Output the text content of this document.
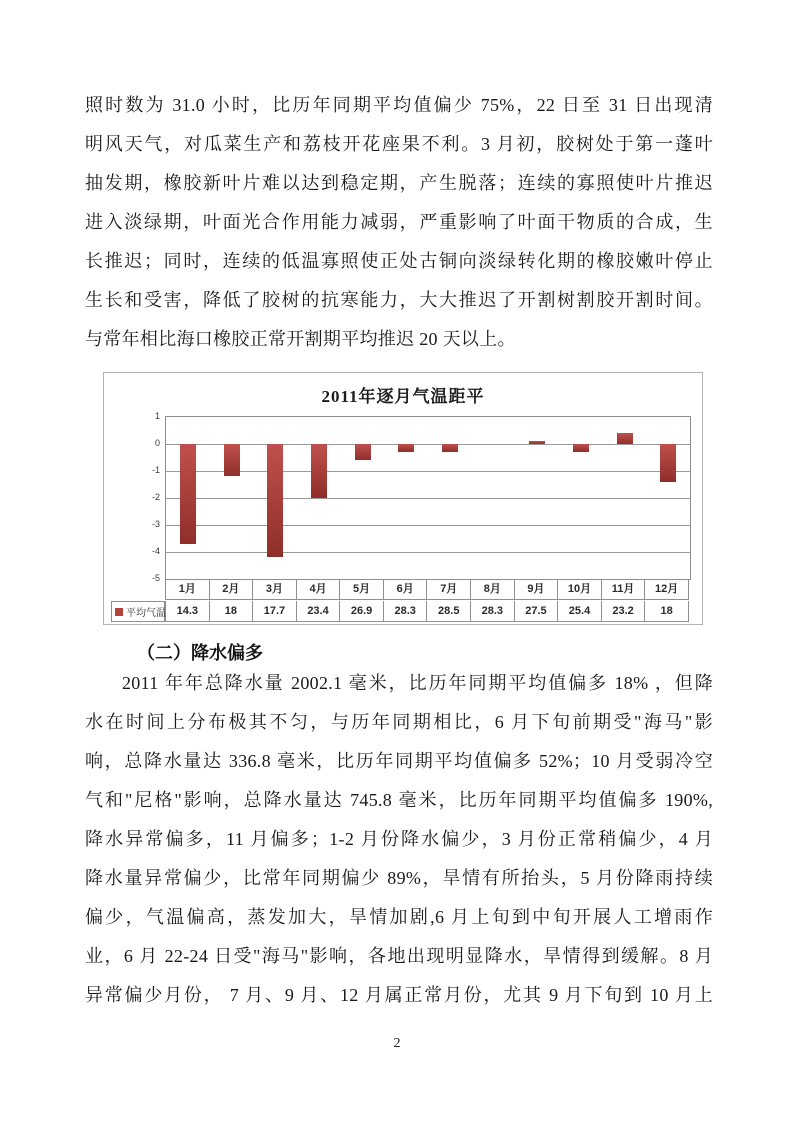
照时数为 31.0 小时，比历年同期平均值偏少 75%，22 日至 31 日出现清
明风天气，对瓜菜生产和荔枝开花座果不利。3 月初，胶树处于第一蓬叶
抽发期，橡胶新叶片难以达到稳定期，产生脱落；连续的寡照使叶片推迟
进入淡绿期，叶面光合作用能力减弱，严重影响了叶面干物质的合成，生
长推迟；同时，连续的低温寡照使正处古铜向淡绿转化期的橡胶嫩叶停止
生长和受害，降低了胶树的抗寒能力，大大推迟了开割树割胶开割时间。
与常年相比海口橡胶正常开割期平均推迟 20 天以上。
2011年逐月气温距平
1
0
-1
-2
-3
-4
-5
1月	2月	3月	4月	5月	6月	7月	8月	9月	10月	11月	12月
14.3	18	17.7	23.4	26.9	28.3	28.5	28.3	27.5	25.4	23.2	18
平均气温
（二）降水偏多
2011 年年总降水量 2002.1 毫米，比历年同期平均值偏多 18% ，但降
水在时间上分布极其不匀，与历年同期相比，6 月下旬前期受"海马"影
响，总降水量达 336.8 毫米，比历年同期平均值偏多 52%；10 月受弱冷空
气和"尼格"影响，总降水量达 745.8 毫米，比历年同期平均值偏多 190%,
降水异常偏多，11 月偏多；1-2 月份降水偏少，3 月份正常稍偏少，4 月
降水量异常偏少，比常年同期偏少 89%，旱情有所抬头，5 月份降雨持续
偏少，气温偏高，蒸发加大，旱情加剧,6 月上旬到中旬开展人工增雨作
业，6 月 22-24 日受"海马"影响，各地出现明显降水，旱情得到缓解。8 月
异常偏少月份， 7 月、9 月、12 月属正常月份，尤其 9 月下旬到 10 月上
2
